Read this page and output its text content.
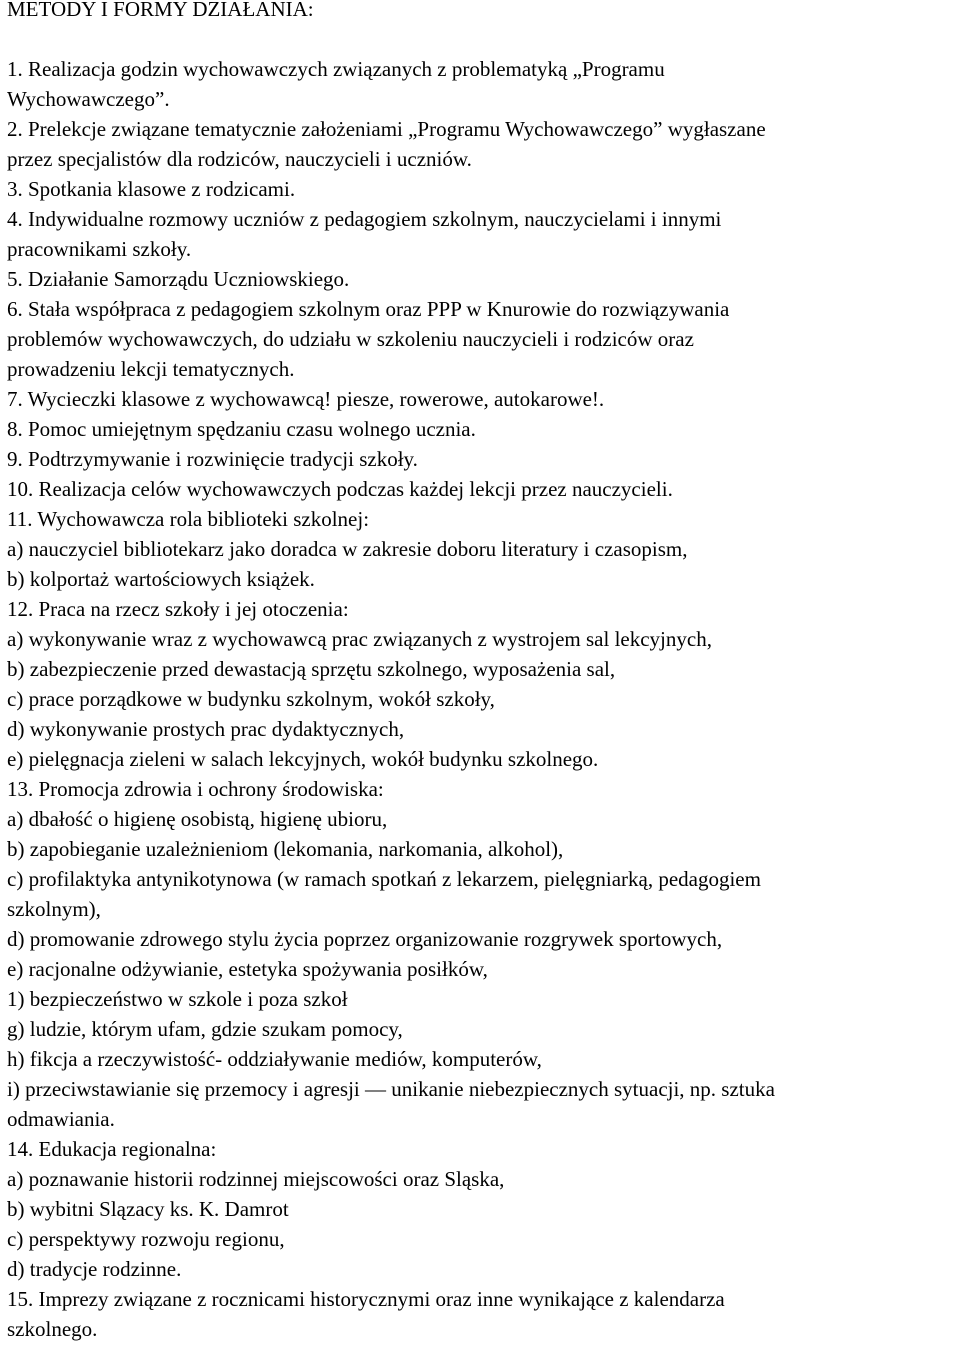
METODY I FORMY DZIAŁANIA:
1. Realizacja godzin wychowawczych związanych z problematyką „Programu
Wychowawczego”.
2. Prelekcje związane tematycznie założeniami „Programu Wychowawczego” wygłaszane
przez specjalistów dla rodziców, nauczycieli i uczniów.
3. Spotkania klasowe z rodzicami.
4. Indywidualne rozmowy uczniów z pedagogiem szkolnym, nauczycielami i innymi
pracownikami szkoły.
5. Działanie Samorządu Uczniowskiego.
6. Stała współpraca z pedagogiem szkolnym oraz PPP w Knurowie do rozwiązywania
problemów wychowawczych, do udziału w szkoleniu nauczycieli i rodziców oraz
prowadzeniu lekcji tematycznych.
7. Wycieczki klasowe z wychowawcą! piesze, rowerowe, autokarowe!.
8. Pomoc umiejętnym spędzaniu czasu wolnego ucznia.
9. Podtrzymywanie i rozwinięcie tradycji szkoły.
10. Realizacja celów wychowawczych podczas każdej lekcji przez nauczycieli.
11. Wychowawcza rola biblioteki szkolnej:
a) nauczyciel bibliotekarz jako doradca w zakresie doboru literatury i czasopism,
b) kolportaż wartościowych książek.
12. Praca na rzecz szkoły i jej otoczenia:
a) wykonywanie wraz z wychowawcą prac związanych z wystrojem sal lekcyjnych,
b) zabezpieczenie przed dewastacją sprzętu szkolnego, wyposażenia sal,
c) prace porządkowe w budynku szkolnym, wokół szkoły,
d) wykonywanie prostych prac dydaktycznych,
e) pielęgnacja zieleni w salach lekcyjnych, wokół budynku szkolnego.
13. Promocja zdrowia i ochrony środowiska:
a) dbałość o higienę osobistą, higienę ubioru,
b) zapobieganie uzależnieniom (lekomania, narkomania, alkohol),
c) profilaktyka antynikotynowa (w ramach spotkań z lekarzem, pielęgniarką, pedagogiem
szkolnym),
d) promowanie zdrowego stylu życia poprzez organizowanie rozgrywek sportowych,
e) racjonalne odżywianie, estetyka spożywania posiłków,
1) bezpieczeństwo w szkole i poza szkoł
g) ludzie, którym ufam, gdzie szukam pomocy,
h) fikcja a rzeczywistość- oddziaływanie mediów, komputerów,
i) przeciwstawianie się przemocy i agresji — unikanie niebezpiecznych sytuacji, np. sztuka
odmawiania.
14. Edukacja regionalna:
a) poznawanie historii rodzinnej miejscowości oraz Sląska,
b) wybitni Slązacy ks. K. Damrot
c) perspektywy rozwoju regionu,
d) tradycje rodzinne.
15. Imprezy związane z rocznicami historycznymi oraz inne wynikające z kalendarza
szkolnego.
